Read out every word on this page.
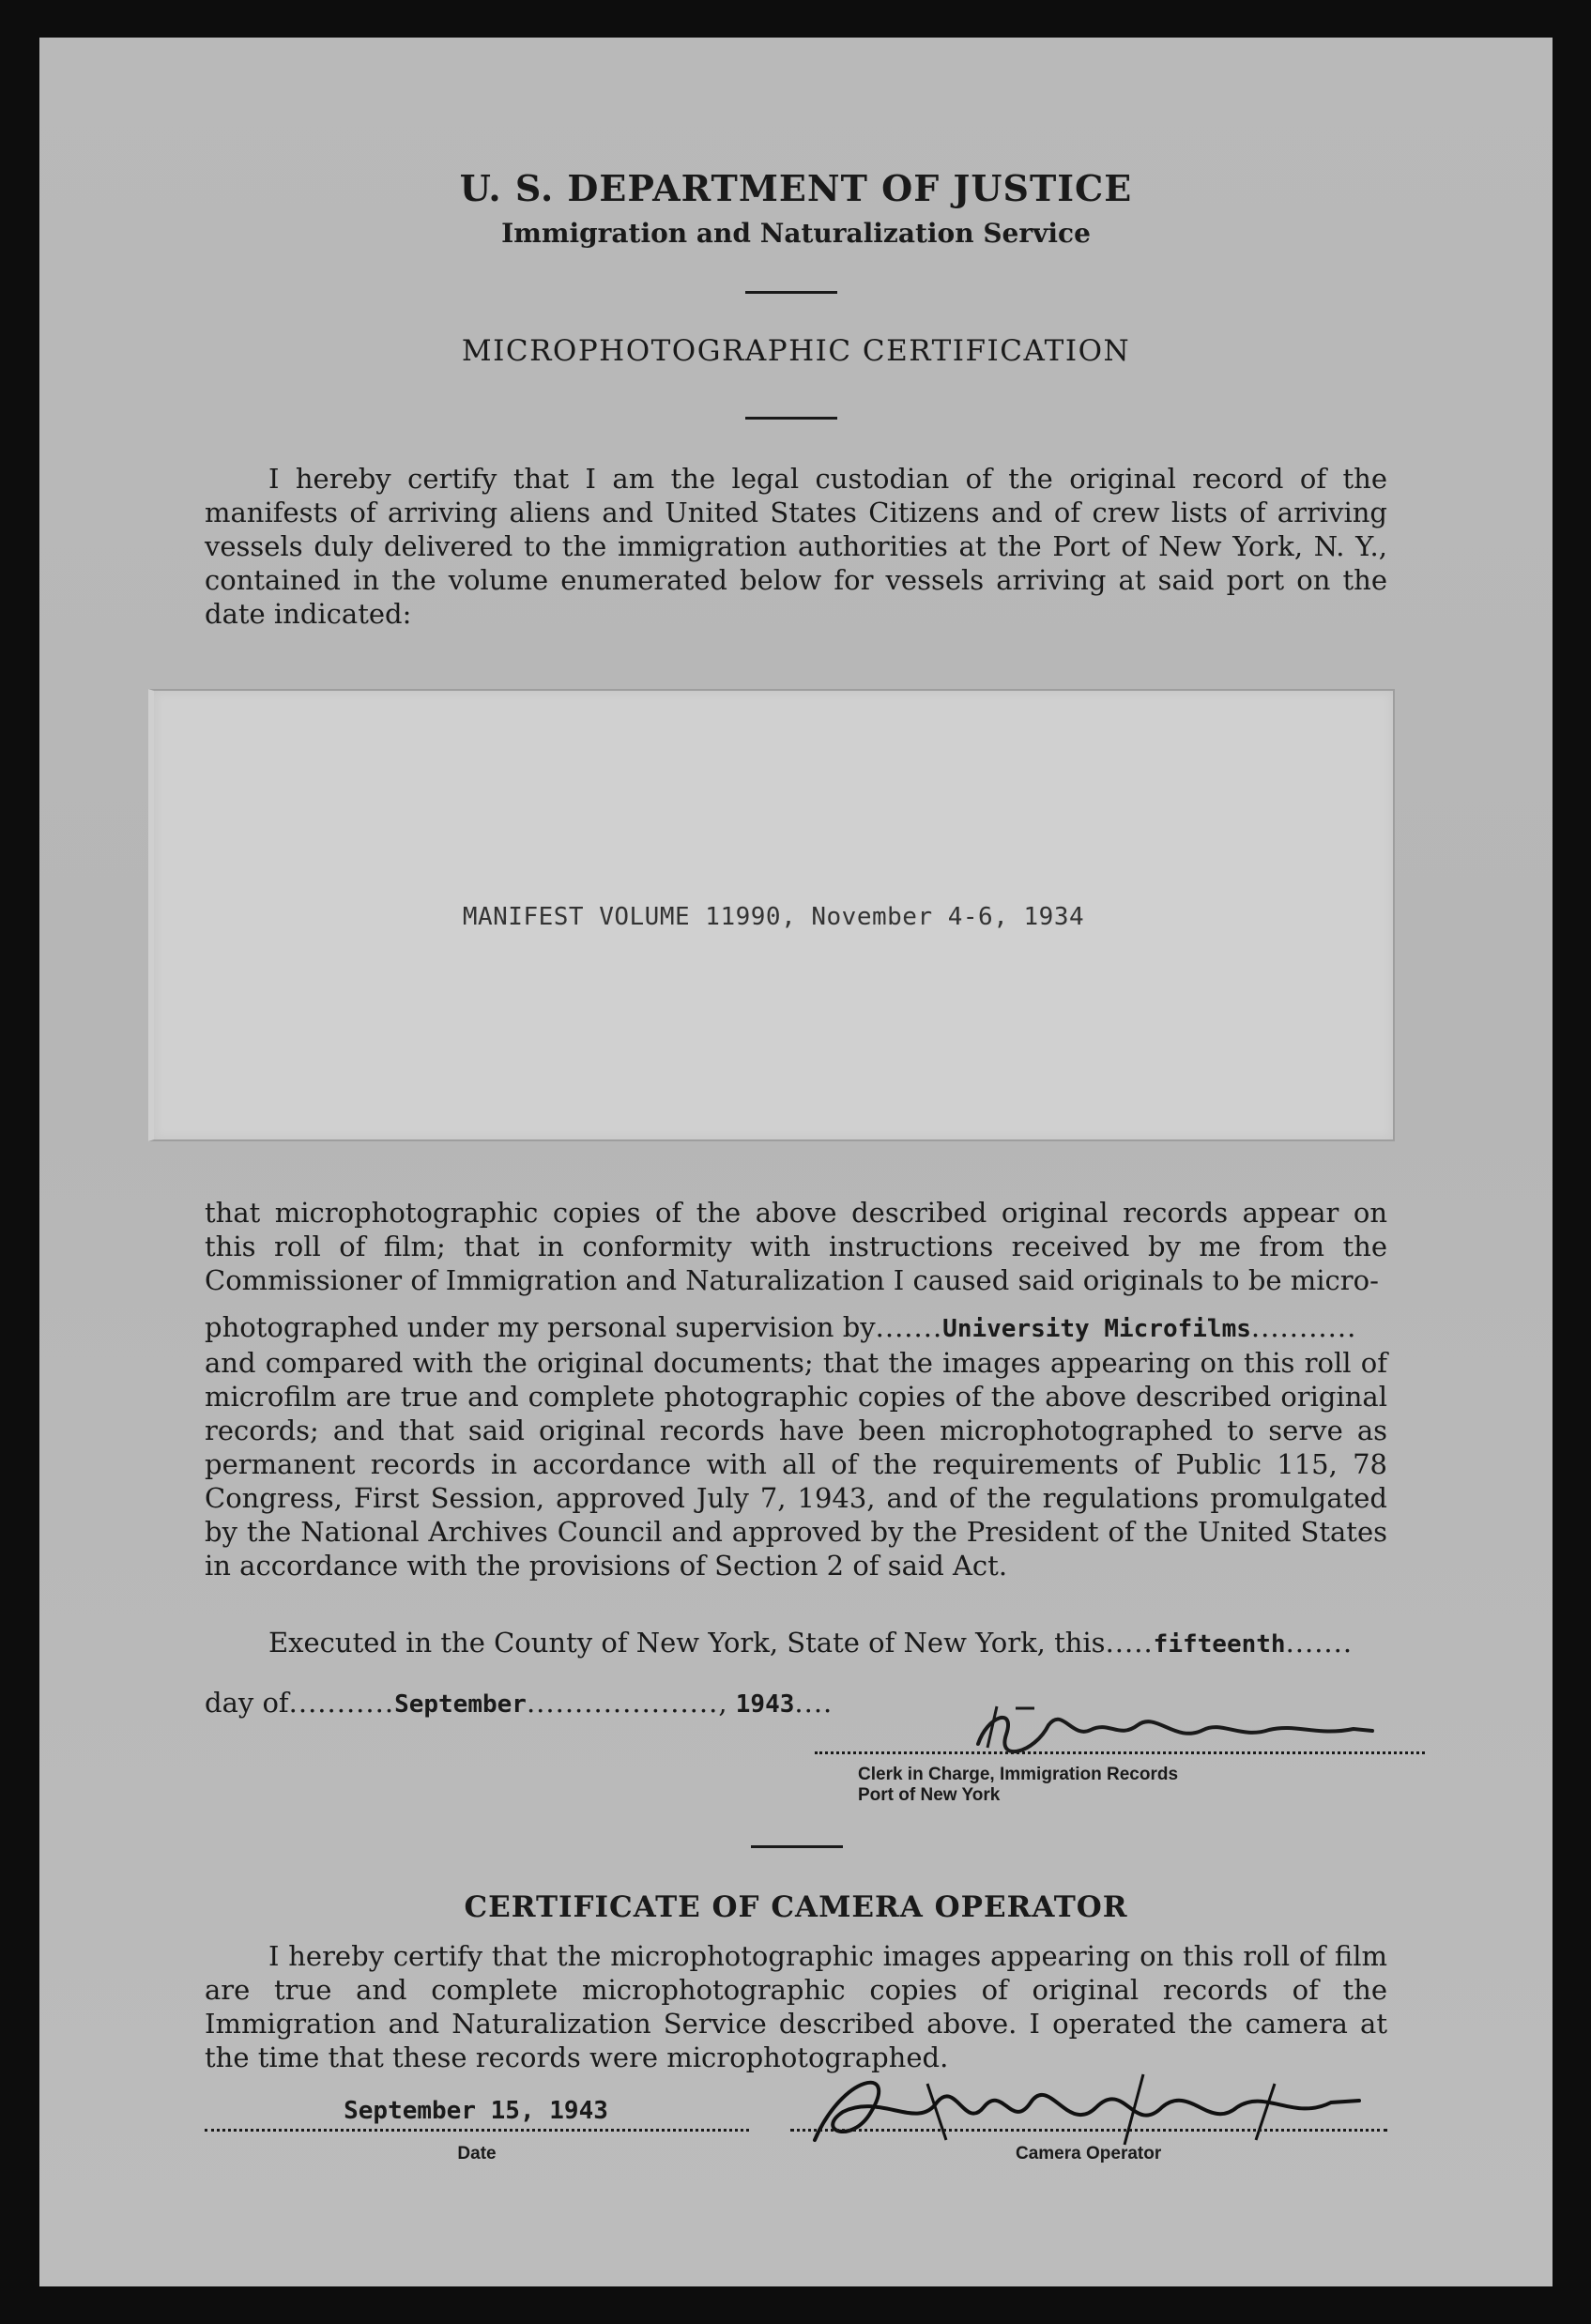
U. S. DEPARTMENT OF JUSTICE
Immigration and Naturalization Service
MICROPHOTOGRAPHIC CERTIFICATION
I hereby certify that I am the legal custodian of the original record of the manifests of arriving aliens and United States Citizens and of crew lists of arriving vessels duly delivered to the immigration authorities at the Port of New York, N. Y., contained in the volume enumerated below for vessels arriving at said port on the date indicated:
MANIFEST VOLUME 11990, November 4-6, 1934
that microphotographic copies of the above described original records appear on this roll of film; that in conformity with instructions received by me from the Commissioner of Immigration and Naturalization I caused said originals to be micro-
photographed under my personal supervision by.......University Microfilms...........
and compared with the original documents; that the images appearing on this roll of microfilm are true and complete photographic copies of the above described original records; and that said original records have been microphotographed to serve as permanent records in accordance with all of the requirements of Public 115, 78 Congress, First Session, approved July 7, 1943, and of the regulations promulgated by the National Archives Council and approved by the President of the United States in accordance with the provisions of Section 2 of said Act.
Executed in the County of New York, State of New York, this.....fifteenth.......
day of...........September...................., 1943....
Clerk in Charge, Immigration Records
Port of New York
CERTIFICATE OF CAMERA OPERATOR
I hereby certify that the microphotographic images appearing on this roll of film are true and complete microphotographic copies of original records of the Immigration and Naturalization Service described above. I operated the camera at the time that these records were microphotographed.
September 15, 1943
Date	Camera Operator
